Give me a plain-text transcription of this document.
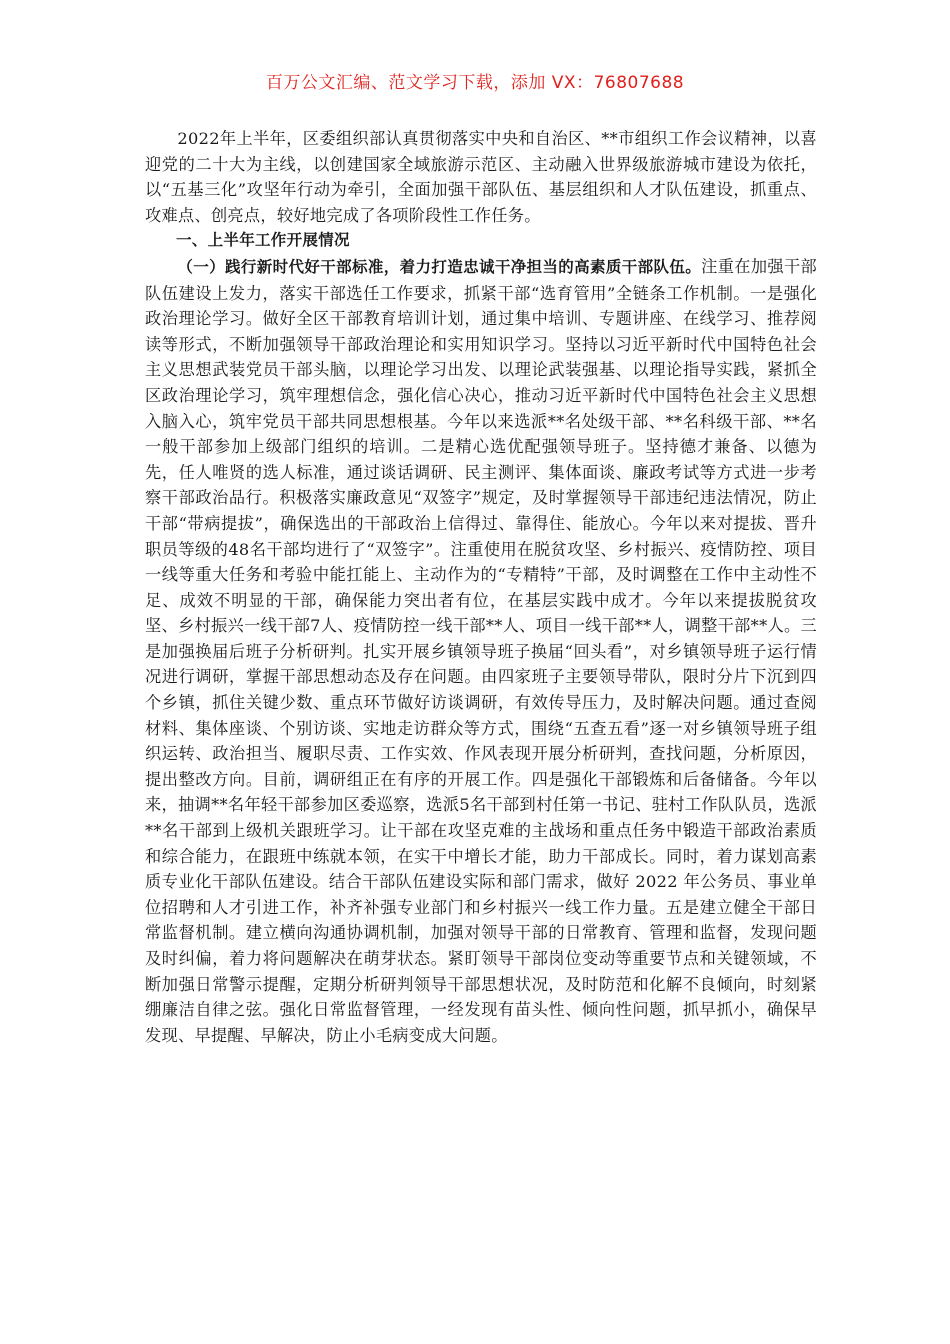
百万公文汇编、范文学习下载，添加 VX：76807688

2022年上半年，区委组织部认真贯彻落实中央和自治区、**市组织工作会议精神，以喜迎党的二十大为主线，以创建国家全域旅游示范区、主动融入世界级旅游城市建设为依托，以“五基三化”攻坚年行动为牵引，全面加强干部队伍、基层组织和人才队伍建设，抓重点、攻难点、创亮点，较好地完成了各项阶段性工作任务。

一、上半年工作开展情况

（一）践行新时代好干部标准，着力打造忠诚干净担当的高素质干部队伍。注重在加强干部队伍建设上发力，落实干部选任工作要求，抓紧干部“选育管用”全链条工作机制。一是强化政治理论学习。做好全区干部教育培训计划，通过集中培训、专题讲座、在线学习、推荐阅读等形式，不断加强领导干部政治理论和实用知识学习。坚持以习近平新时代中国特色社会主义思想武装党员干部头脑，以理论学习出发、以理论武装强基、以理论指导实践，紧抓全区政治理论学习，筑牢理想信念，强化信心决心，推动习近平新时代中国特色社会主义思想入脑入心，筑牢党员干部共同思想根基。今年以来选派**名处级干部、**名科级干部、**名一般干部参加上级部门组织的培训。二是精心选优配强领导班子。坚持德才兼备、以德为先，任人唯贤的选人标准，通过谈话调研、民主测评、集体面谈、廉政考试等方式进一步考察干部政治品行。积极落实廉政意见“双签字”规定，及时掌握领导干部违纪违法情况，防止干部“带病提拔”，确保选出的干部政治上信得过、靠得住、能放心。今年以来对提拔、晋升职员等级的48名干部均进行了“双签字”。注重使用在脱贫攻坚、乡村振兴、疫情防控、项目一线等重大任务和考验中能扛能上、主动作为的“专精特”干部，及时调整在工作中主动性不足、成效不明显的干部，确保能力突出者有位，在基层实践中成才。今年以来提拔脱贫攻坚、乡村振兴一线干部7人、疫情防控一线干部**人、项目一线干部**人，调整干部**人。三是加强换届后班子分析研判。扎实开展乡镇领导班子换届“回头看”，对乡镇领导班子运行情况进行调研，掌握干部思想动态及存在问题。由四家班子主要领导带队，限时分片下沉到四个乡镇，抓住关键少数、重点环节做好访谈调研，有效传导压力，及时解决问题。通过查阅材料、集体座谈、个别访谈、实地走访群众等方式，围绕“五查五看”逐一对乡镇领导班子组织运转、政治担当、履职尽责、工作实效、作风表现开展分析研判，查找问题，分析原因，提出整改方向。目前，调研组正在有序的开展工作。四是强化干部锻炼和后备储备。今年以来，抽调**名年轻干部参加区委巡察，选派5名干部到村任第一书记、驻村工作队队员，选派**名干部到上级机关跟班学习。让干部在攻坚克难的主战场和重点任务中锻造干部政治素质和综合能力，在跟班中练就本领，在实干中增长才能，助力干部成长。同时，着力谋划高素质专业化干部队伍建设。结合干部队伍建设实际和部门需求，做好 2022 年公务员、事业单位招聘和人才引进工作，补齐补强专业部门和乡村振兴一线工作力量。五是建立健全干部日常监督机制。建立横向沟通协调机制，加强对领导干部的日常教育、管理和监督，发现问题及时纠偏，着力将问题解决在萌芽状态。紧盯领导干部岗位变动等重要节点和关键领域，不断加强日常警示提醒，定期分析研判领导干部思想状况，及时防范和化解不良倾向，时刻紧绷廉洁自律之弦。强化日常监督管理，一经发现有苗头性、倾向性问题，抓早抓小，确保早发现、早提醒、早解决，防止小毛病变成大问题。
